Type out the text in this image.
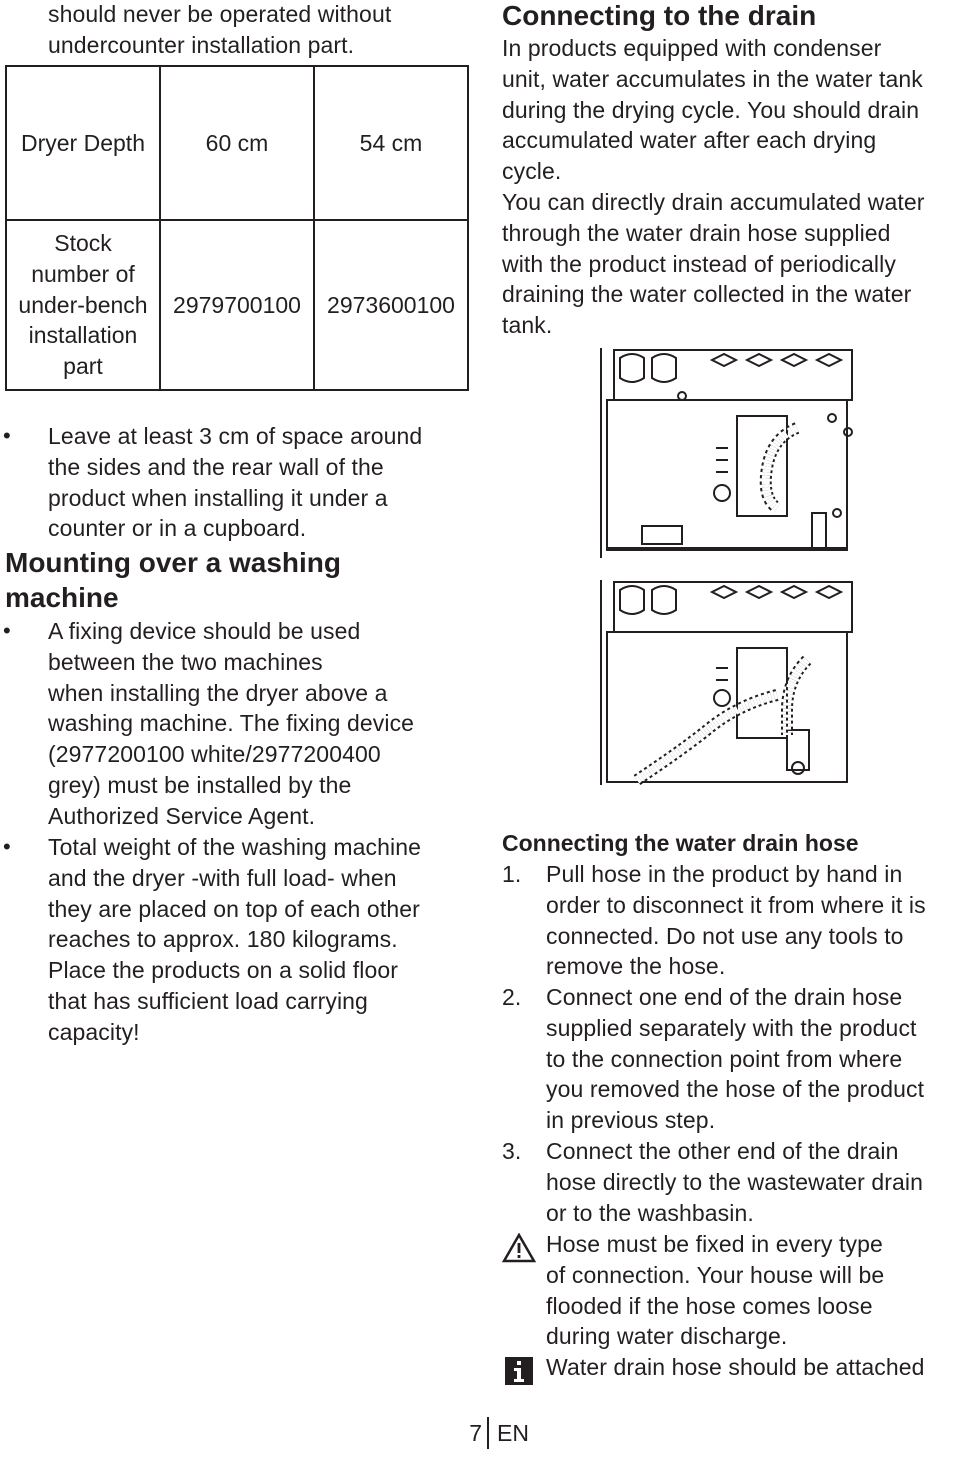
should never be operated without
undercounter installation part.
Dryer Depth	60 cm	54 cm

Stock
number of
under-bench
installation
part	2979700100	2973600100
• Leave at least 3 cm of space around
the sides and the rear wall of the
product when installing it under a
counter or in a cupboard.
Mounting over a washing
machine
• A fixing device should be used
between the two machines
when installing the dryer above a
washing machine. The fixing device
(2977200100 white/2977200400
grey) must be installed by the
Authorized Service Agent.
• Total weight of the washing machine
and the dryer -with full load- when
they are placed on top of each other
reaches to approx. 180 kilograms.
Place the products on a solid floor
that has sufficient load carrying
capacity!
Connecting to the drain
In products equipped with condenser
unit, water accumulates in the water tank
during the drying cycle. You should drain
accumulated water after each drying
cycle.
You can directly drain accumulated water
through the water drain hose supplied
with the product instead of periodically
draining the water collected in the water
tank.
Connecting the water drain hose
1.	Pull hose in the product by hand in
order to disconnect it from where it is
connected. Do not use any tools to
remove the hose.
2.	Connect one end of the drain hose
supplied separately with the product
to the connection point from where
you removed the hose of the product
in previous step.
3.	Connect the other end of the drain
hose directly to the wastewater drain
or to the washbasin.
Hose must be fixed in every type
of connection. Your house will be
flooded if the hose comes loose
during water discharge.
Water drain hose should be attached
7 EN
